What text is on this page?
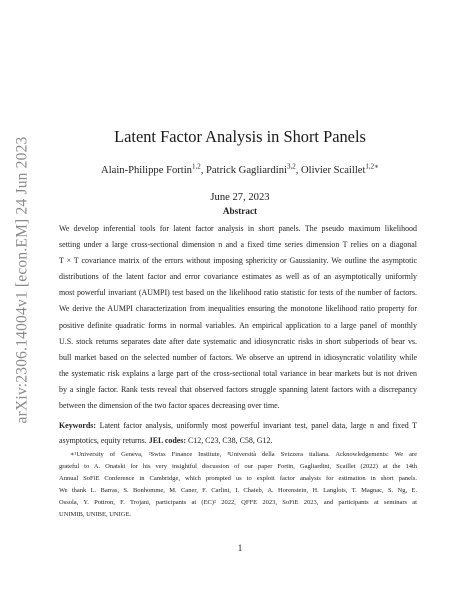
arXiv:2306.14004v1 [econ.EM] 24 Jun 2023
Latent Factor Analysis in Short Panels
Alain-Philippe Fortin$^{1,2}$, Patrick Gagliardini$^{3,2}$, Olivier Scaillet$^{1,2∗}$
June 27, 2023
Abstract
We develop inferential tools for latent factor analysis in short panels. The pseudo maximum likelihood
setting under a large cross-sectional dimension n and a fixed time series dimension T relies on a diagonal
T × T covariance matrix of the errors without imposing sphericity or Gaussianity. We outline the asymptotic
distributions of the latent factor and error covariance estimates as well as of an asymptotically uniformly
most powerful invariant (AUMPI) test based on the likelihood ratio statistic for tests of the number of factors.
We derive the AUMPI characterization from inequalities ensuring the monotone likelihood ratio property for
positive definite quadratic forms in normal variables. An empirical application to a large panel of monthly
U.S. stock returns separates date after date systematic and idiosyncratic risks in short subperiods of bear vs.
bull market based on the selected number of factors. We observe an uptrend in idiosyncratic volatility while
the systematic risk explains a large part of the cross-sectional total variance in bear markets but is not driven
by a single factor. Rank tests reveal that observed factors struggle spanning latent factors with a discrepancy
between the dimension of the two factor spaces decreasing over time.
Keywords: Latent factor analysis, uniformly most powerful invariant test, panel data, large n and fixed T
asymptotics, equity returns. JEL codes: C12, C23, C38, C58, G12.
∗¹University of Geneva, ²Swiss Finance Institute, ³Università della Svizzera italiana. Acknowledgements: We are
grateful to A. Onatski for his very insightful discussion of our paper Fortin, Gagliardini, Scaillet (2022) at the 14th
Annual SoFiE Conference in Cambridge, which prompted us to exploit factor analysis for estimation in short panels.
We thank L. Barras, S. Bonhomme, M. Caner, F. Carlini, I. Chaieb, A. Horenstein, H. Langlois, T. Magnac, S. Ng, E.
Ossola, Y. Potiron, F. Trojani, participants at (EC)² 2022, QFFE 2023, SoFiE 2023, and participants at seminars at
UNIMIB, UNIBE, UNIGE.
1
